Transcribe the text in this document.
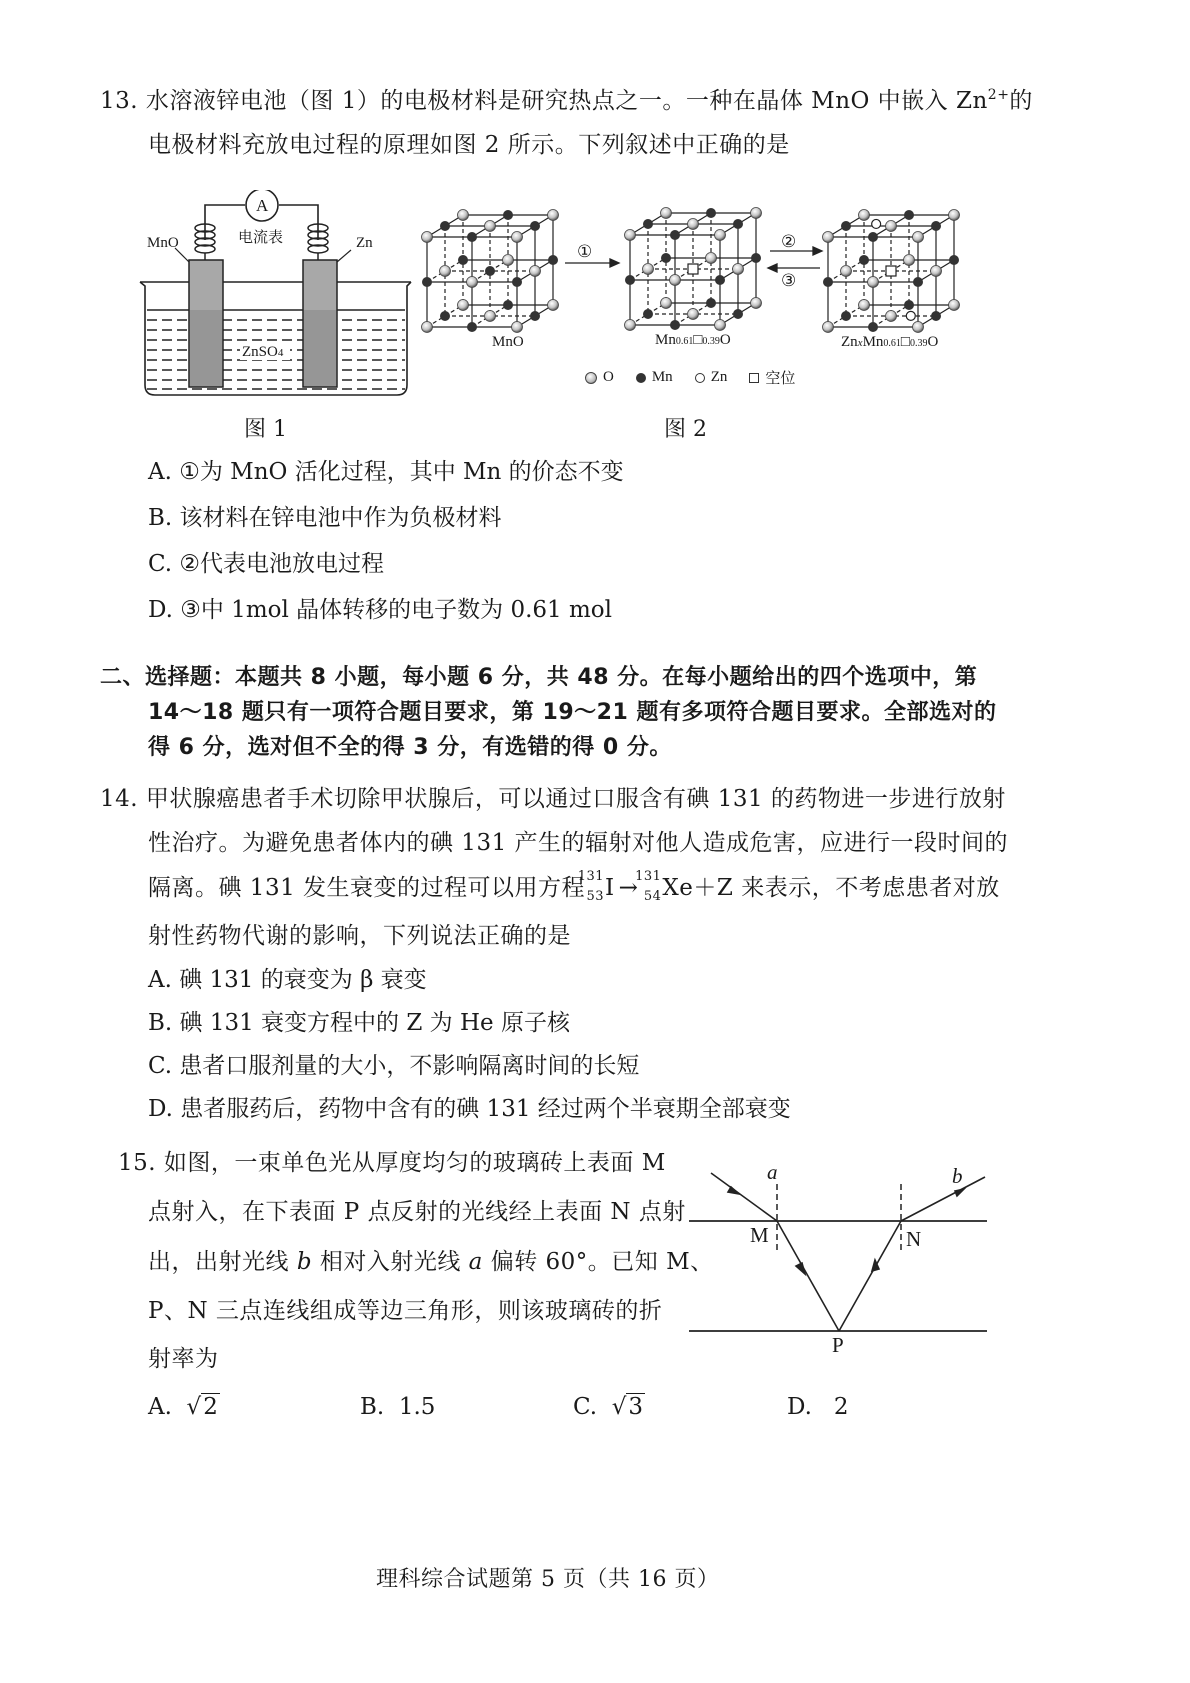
13. 水溶液锌电池（图 1）的电极材料是研究热点之一。一种在晶体 MnO 中嵌入 $Zn^{2+}$的
电极材料充放电过程的原理如图 2 所示。下列叙述中正确的是
A
电流表
MnO	Zn
ZnSO4
图 1
①
②
③
MnO	Mn0.61□0.39O	ZnxMn0.61□0.39O
O	Mn	Zn	空位
图 2
A. ①为 MnO 活化过程，其中 Mn 的价态不变
B. 该材料在锌电池中作为负极材料
C. ②代表电池放电过程
D. ③中 1mol 晶体转移的电子数为 0.61 mol
二、选择题：本题共 8 小题，每小题 6 分，共 48 分。在每小题给出的四个选项中，第
14～18 题只有一项符合题目要求，第 19～21 题有多项符合题目要求。全部选对的
得 6 分，选对但不全的得 3 分，有选错的得 0 分。
14. 甲状腺癌患者手术切除甲状腺后，可以通过口服含有碘 131 的药物进一步进行放射
性治疗。为避免患者体内的碘 131 产生的辐射对他人造成危害，应进行一段时间的
隔离。碘 131 发生衰变的过程可以用方程
131
53 I →
131
54 Xe＋Z 来表示，不考虑患者对放
射性药物代谢的影响，下列说法正确的是
A. 碘 131 的衰变为 β 衰变
B. 碘 131 衰变方程中的 Z 为 He 原子核
C. 患者口服剂量的大小，不影响隔离时间的长短
D. 患者服药后，药物中含有的碘 131 经过两个半衰期全部衰变
15. 如图，一束单色光从厚度均匀的玻璃砖上表面 M
点射入，在下表面 P 点反射的光线经上表面 N 点射
出，出射光线 b 相对入射光线 a 偏转 60°。已知 M、
P、N 三点连线组成等边三角形，则该玻璃砖的折
射率为
a	b
M	N
P
A. √2	B. 1.5	C. √3	D. 2
理科综合试题第 5 页（共 16 页）
